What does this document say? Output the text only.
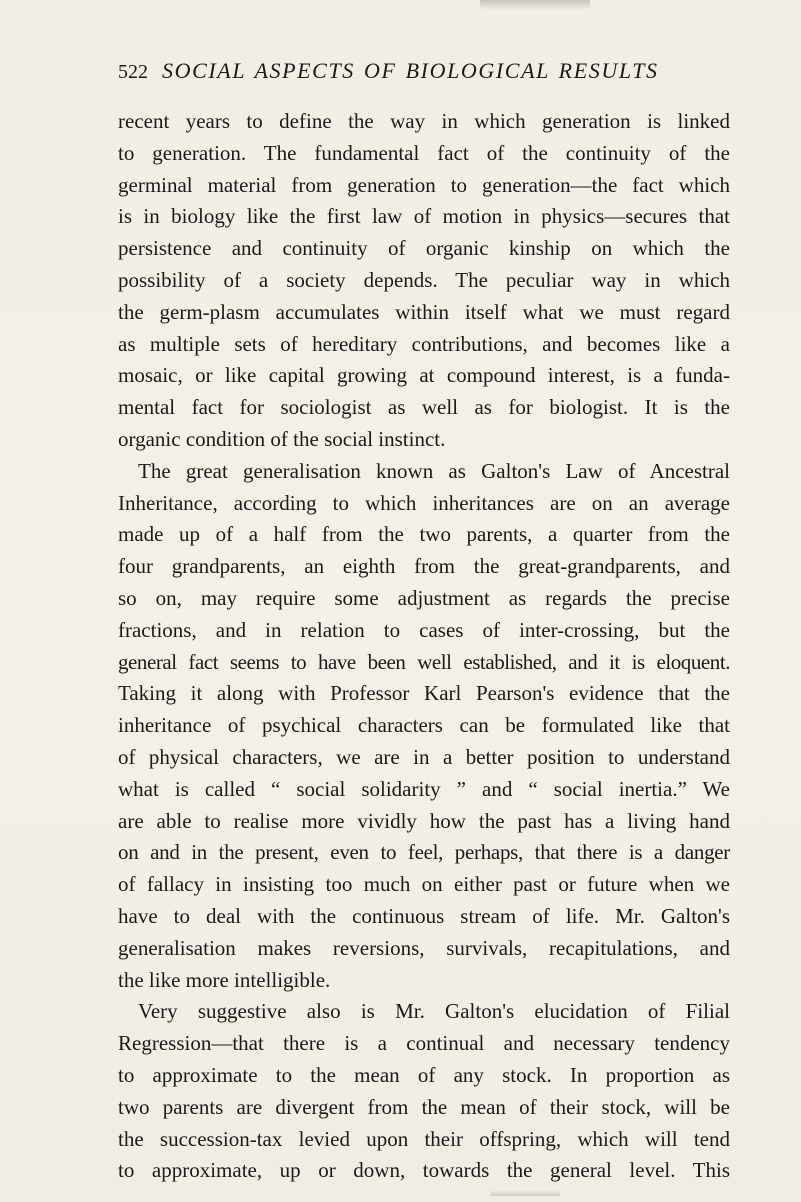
522 SOCIAL ASPECTS OF BIOLOGICAL RESULTS
recent years to define the way in which generation is linked
to generation. The fundamental fact of the continuity of the
germinal material from generation to generation—the fact which
is in biology like the first law of motion in physics—secures that
persistence and continuity of organic kinship on which the
possibility of a society depends. The peculiar way in which
the germ-plasm accumulates within itself what we must regard
as multiple sets of hereditary contributions, and becomes like a
mosaic, or like capital growing at compound interest, is a funda-
mental fact for sociologist as well as for biologist. It is the
organic condition of the social instinct.
The great generalisation known as Galton's Law of Ancestral
Inheritance, according to which inheritances are on an average
made up of a half from the two parents, a quarter from the
four grandparents, an eighth from the great-grandparents, and
so on, may require some adjustment as regards the precise
fractions, and in relation to cases of inter-crossing, but the
general fact seems to have been well established, and it is eloquent.
Taking it along with Professor Karl Pearson's evidence that the
inheritance of psychical characters can be formulated like that
of physical characters, we are in a better position to understand
what is called “ social solidarity ” and “ social inertia.” We
are able to realise more vividly how the past has a living hand
on and in the present, even to feel, perhaps, that there is a danger
of fallacy in insisting too much on either past or future when we
have to deal with the continuous stream of life. Mr. Galton's
generalisation makes reversions, survivals, recapitulations, and
the like more intelligible.
Very suggestive also is Mr. Galton's elucidation of Filial
Regression—that there is a continual and necessary tendency
to approximate to the mean of any stock. In proportion as
two parents are divergent from the mean of their stock, will be
the succession-tax levied upon their offspring, which will tend
to approximate, up or down, towards the general level. This
